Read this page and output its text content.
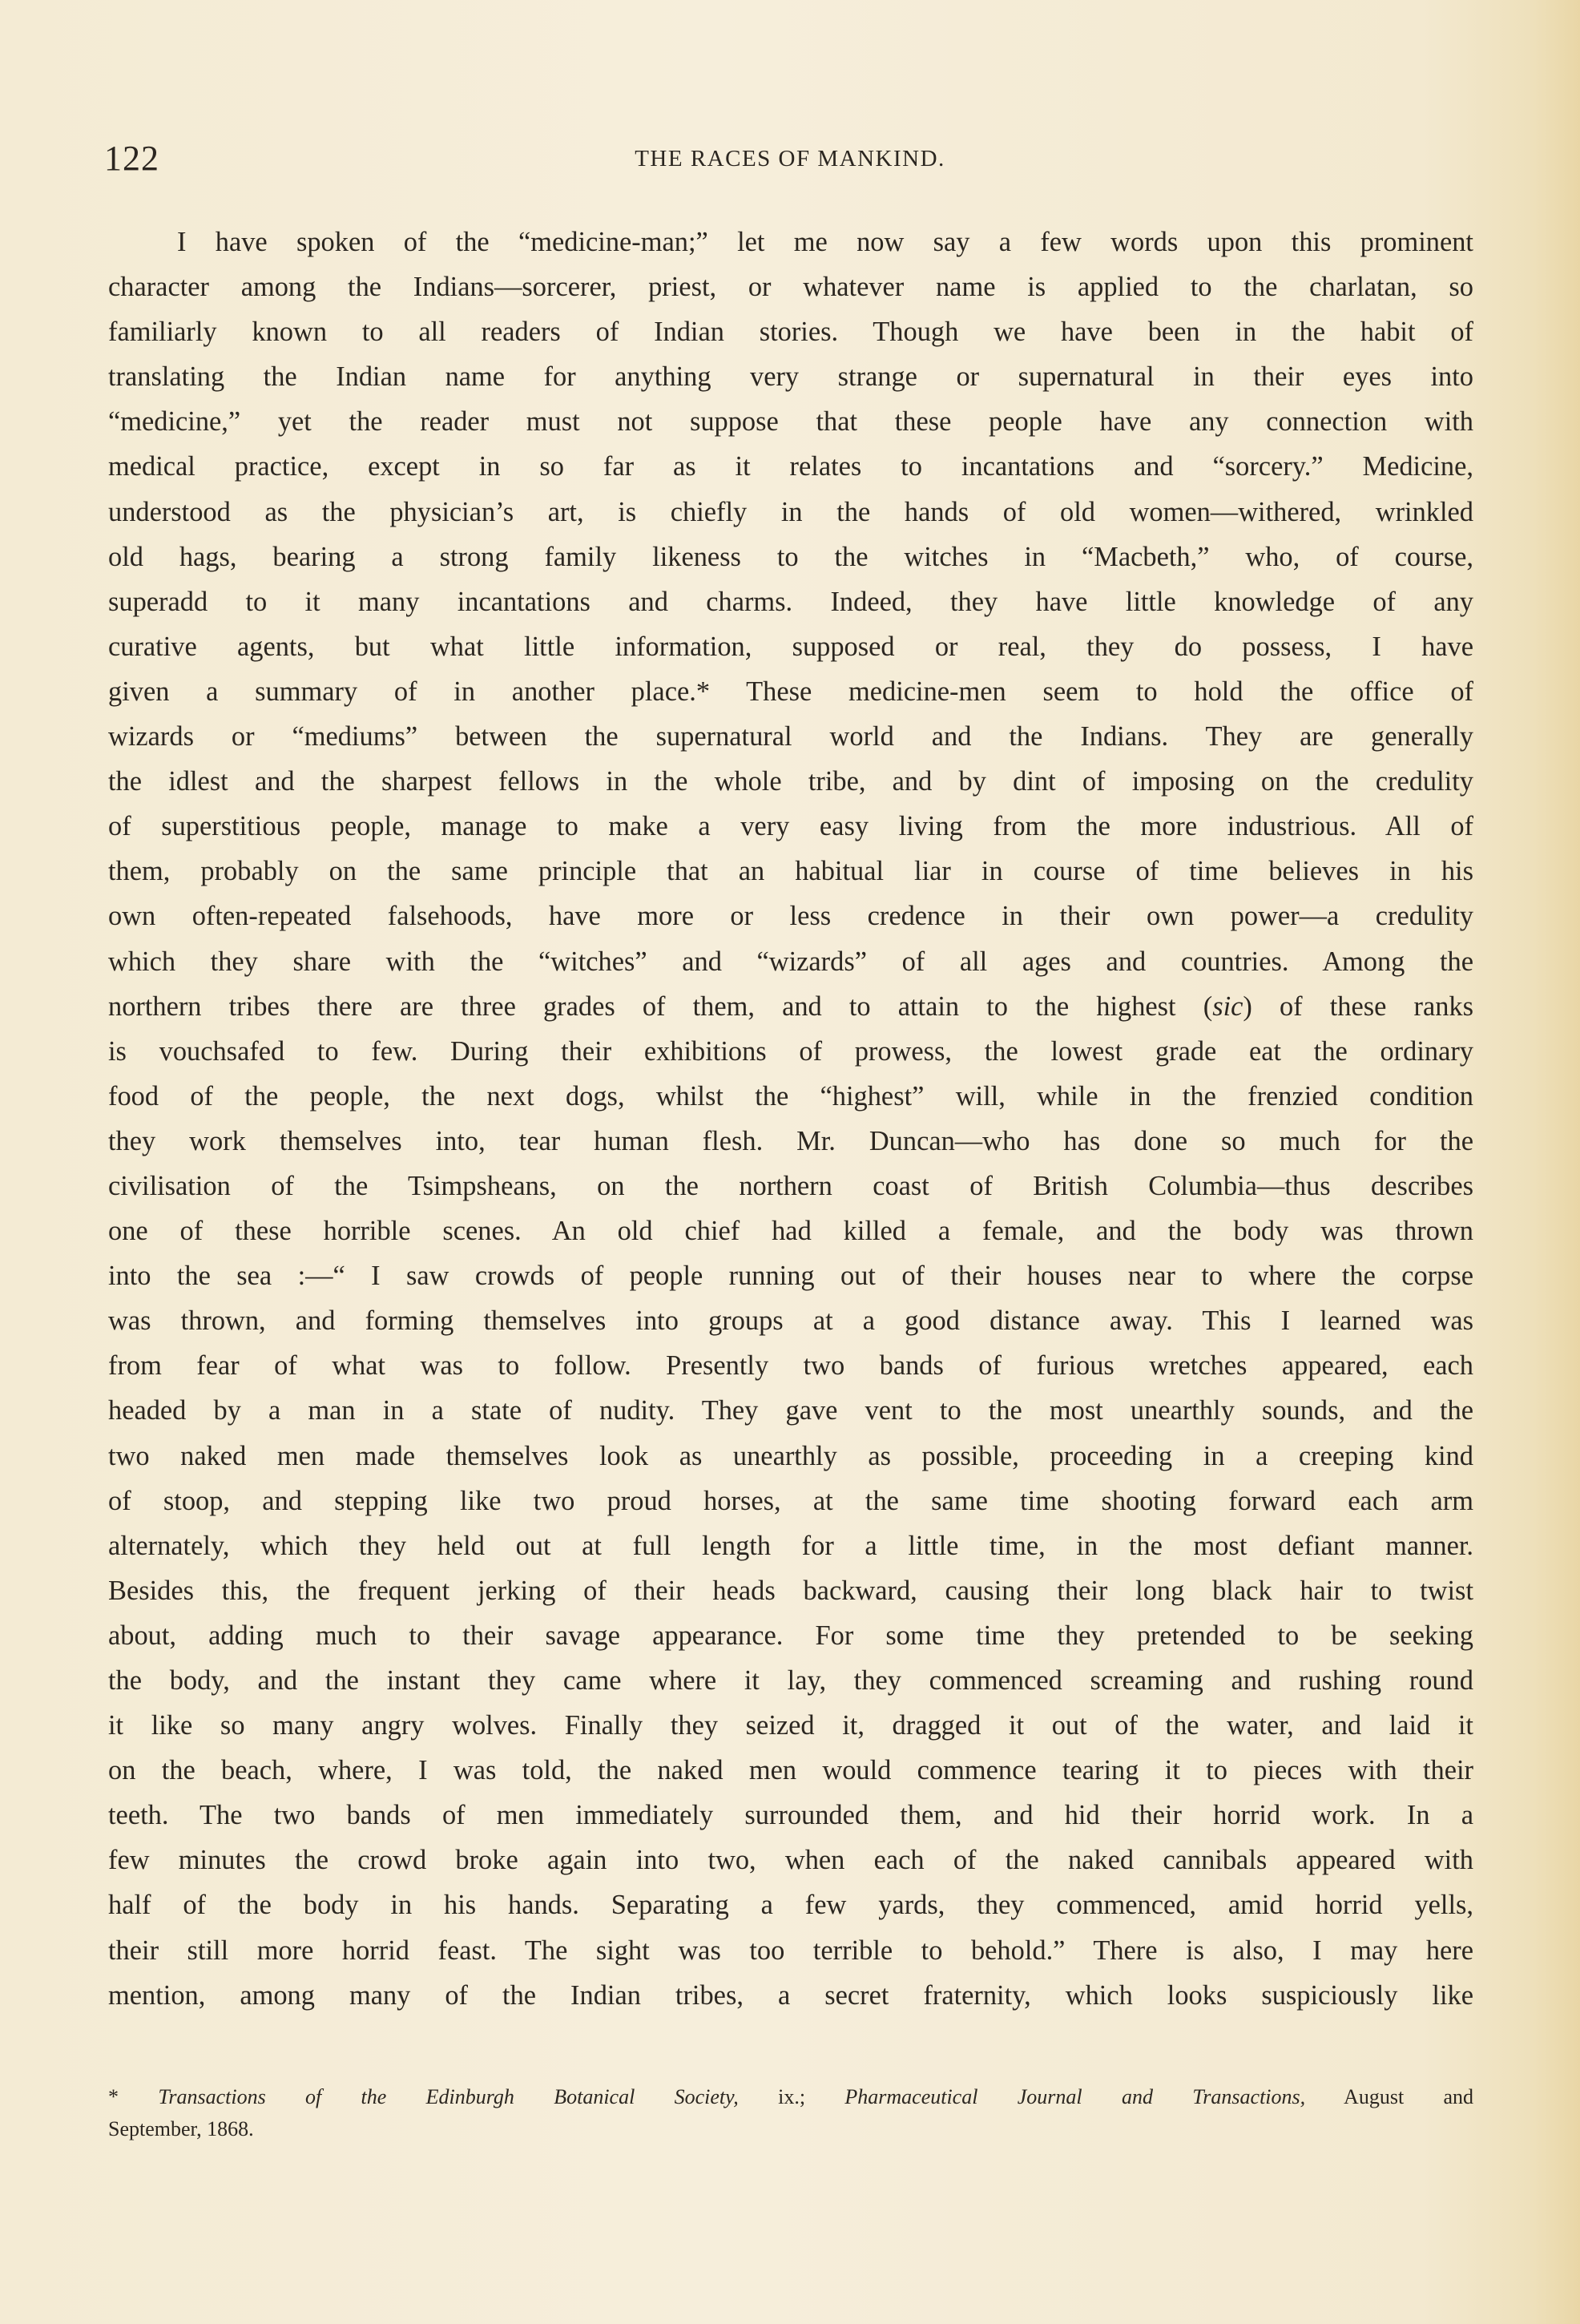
122	THE RACES OF MANKIND.
I have spoken of the “medicine-man;” let me now say a few words upon this prominent
character among the Indians—sorcerer, priest, or whatever name is applied to the charlatan, so
familiarly known to all readers of Indian stories. Though we have been in the habit of
translating the Indian name for anything very strange or supernatural in their eyes into
“medicine,” yet the reader must not suppose that these people have any connection with
medical practice, except in so far as it relates to incantations and “sorcery.” Medicine,
understood as the physician’s art, is chiefly in the hands of old women—withered, wrinkled
old hags, bearing a strong family likeness to the witches in “Macbeth,” who, of course,
superadd to it many incantations and charms. Indeed, they have little knowledge of any
curative agents, but what little information, supposed or real, they do possess, I have
given a summary of in another place.* These medicine-men seem to hold the office of
wizards or “mediums” between the supernatural world and the Indians. They are generally
the idlest and the sharpest fellows in the whole tribe, and by dint of imposing on the credulity
of superstitious people, manage to make a very easy living from the more industrious. All of
them, probably on the same principle that an habitual liar in course of time believes in his
own often-repeated falsehoods, have more or less credence in their own power—a credulity
which they share with the “witches” and “wizards” of all ages and countries. Among the
northern tribes there are three grades of them, and to attain to the highest (sic) of these ranks
is vouchsafed to few. During their exhibitions of prowess, the lowest grade eat the ordinary
food of the people, the next dogs, whilst the “highest” will, while in the frenzied condition
they work themselves into, tear human flesh. Mr. Duncan—who has done so much for the
civilisation of the Tsimpsheans, on the northern coast of British Columbia—thus describes
one of these horrible scenes. An old chief had killed a female, and the body was thrown
into the sea :—“ I saw crowds of people running out of their houses near to where the corpse
was thrown, and forming themselves into groups at a good distance away. This I learned was
from fear of what was to follow. Presently two bands of furious wretches appeared, each
headed by a man in a state of nudity. They gave vent to the most unearthly sounds, and the
two naked men made themselves look as unearthly as possible, proceeding in a creeping kind
of stoop, and stepping like two proud horses, at the same time shooting forward each arm
alternately, which they held out at full length for a little time, in the most defiant manner.
Besides this, the frequent jerking of their heads backward, causing their long black hair to twist
about, adding much to their savage appearance. For some time they pretended to be seeking
the body, and the instant they came where it lay, they commenced screaming and rushing round
it like so many angry wolves. Finally they seized it, dragged it out of the water, and laid it
on the beach, where, I was told, the naked men would commence tearing it to pieces with their
teeth. The two bands of men immediately surrounded them, and hid their horrid work. In a
few minutes the crowd broke again into two, when each of the naked cannibals appeared with
half of the body in his hands. Separating a few yards, they commenced, amid horrid yells,
their still more horrid feast. The sight was too terrible to behold.” There is also, I may here
mention, among many of the Indian tribes, a secret fraternity, which looks suspiciously like
* Transactions of the Edinburgh Botanical Society, ix.; Pharmaceutical Journal and Transactions, August and
September, 1868.
